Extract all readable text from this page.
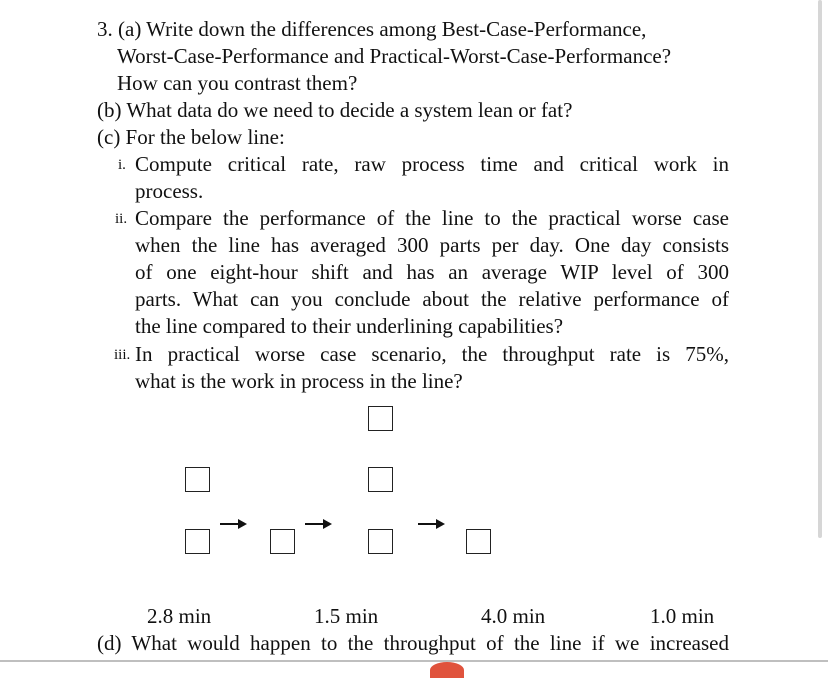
3. (a) Write down the differences among Best-Case-Performance,
Worst-Case-Performance and Practical-Worst-Case-Performance?
How can you contrast them?
(b) What data do we need to decide a system lean or fat?
(c) For the below line:
i. Compute critical rate, raw process time and critical work in
process.
ii. Compare the performance of the line to the practical worse case
when the line has averaged 300 parts per day. One day consists
of one eight-hour shift and has an average WIP level of 300
parts. What can you conclude about the relative performance of
the line compared to their underlining capabilities?
iii. In practical worse case scenario, the throughput rate is 75%,
what is the work in process in the line?
2.8 min	1.5 min	4.0 min	1.0 min
(d) What would happen to the throughput of the line if we increased
